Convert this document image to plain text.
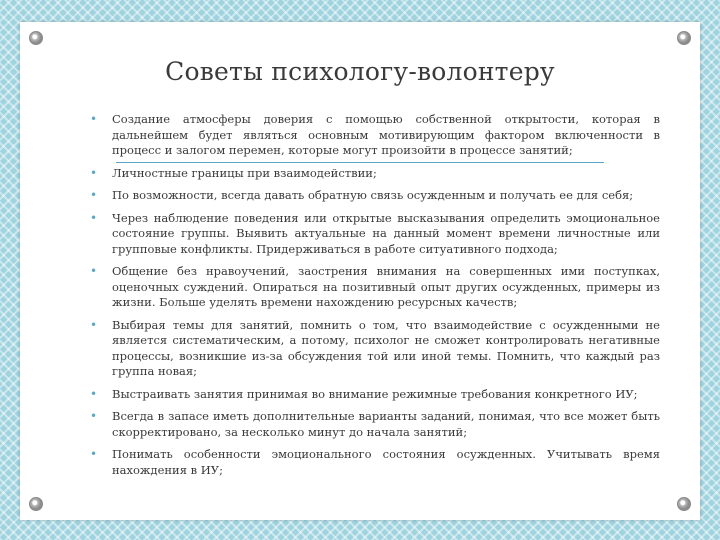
Советы психологу-волонтеру
• Создание атмосферы доверия с помощью собственной открытости, которая в дальнейшем будет являться основным мотивирующим фактором включенности в процесс и залогом перемен, которые могут произойти в процессе занятий;
• Личностные границы при взаимодействии;
• По возможности, всегда давать обратную связь осужденным и получать ее для себя;
• Через наблюдение поведения или открытые высказывания определить эмоциональное состояние группы. Выявить актуальные на данный момент времени личностные или групповые конфликты. Придерживаться в работе ситуативного подхода;
• Общение без нравоучений, заострения внимания на совершенных ими поступках, оценочных суждений. Опираться на позитивный опыт других осужденных, примеры из жизни. Больше уделять времени нахождению ресурсных качеств;
• Выбирая темы для занятий, помнить о том, что взаимодействие с осужденными не является систематическим, а потому, психолог не сможет контролировать негативные процессы, возникшие из-за обсуждения той или иной темы. Помнить, что каждый раз группа новая;
• Выстраивать занятия принимая во внимание режимные требования конкретного ИУ;
• Всегда в запасе иметь дополнительные варианты заданий, понимая, что все может быть скорректировано, за несколько минут до начала занятий;
• Понимать особенности эмоционального состояния осужденных. Учитывать время нахождения в ИУ;
